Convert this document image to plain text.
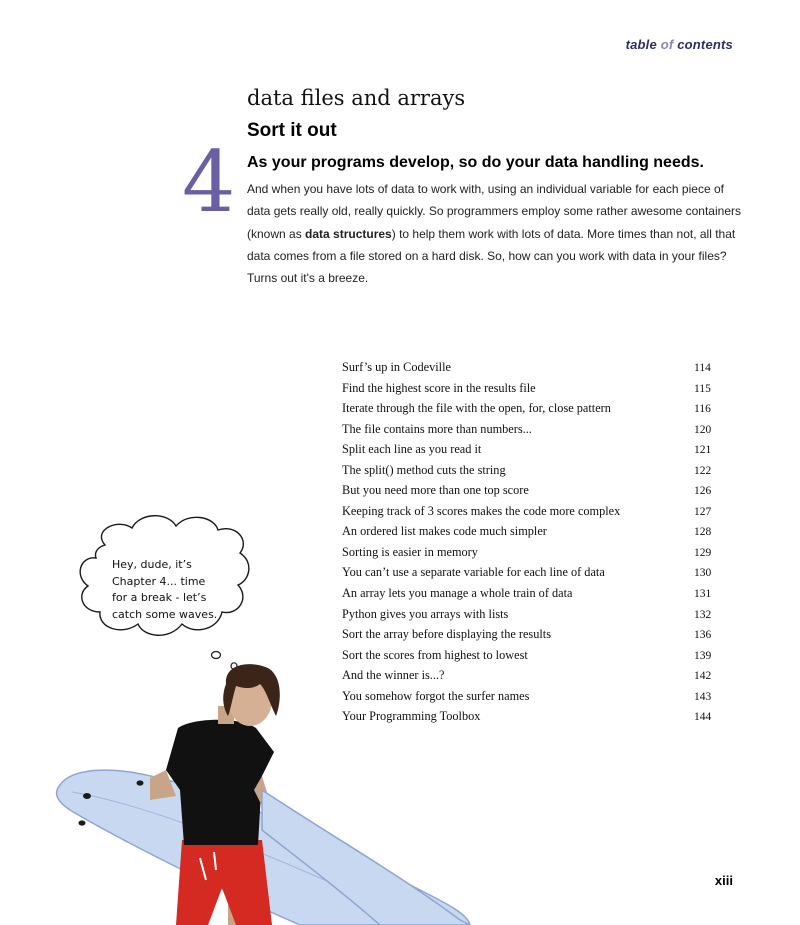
table of contents
4
data files and arrays
Sort it out
As your programs develop, so do your data handling needs.
And when you have lots of data to work with, using an individual variable for each piece of data gets really old, really quickly. So programmers employ some rather awesome containers (known as data structures) to help them work with lots of data. More times than not, all that data comes from a file stored on a hard disk. So, how can you work with data in your files? Turns out it's a breeze.
Surf’s up in Codeville	114
Find the highest score in the results file	115
Iterate through the file with the open, for, close pattern	116
The file contains more than numbers...	120
Split each line as you read it	121
The split() method cuts the string	122
But you need more than one top score	126
Keeping track of 3 scores makes the code more complex	127
An ordered list makes code much simpler	128
Sorting is easier in memory	129
You can’t use a separate variable for each line of data	130
An array lets you manage a whole train of data	131
Python gives you arrays with lists	132
Sort the array before displaying the results	136
Sort the scores from highest to lowest	139
And the winner is...?	142
You somehow forgot the surfer names	143
Your Programming Toolbox	144
Hey, dude, it’s
Chapter 4... time
for a break - let’s
catch some waves.
xiii
